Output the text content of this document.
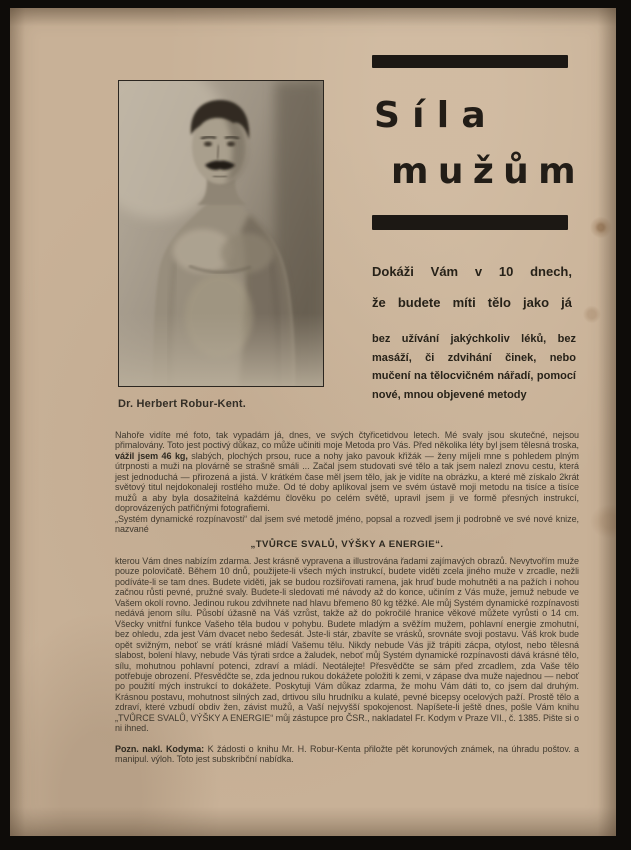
Dr. Herbert Robur-Kent.
Síla
mužům
Dokáži Vám v 10 dnech,
že budete míti tělo jako já
bez užívání jakýchkoliv léků, bez masáží, či zdvihání činek, nebo mučení na tělocvičném nářadí, pomocí nové, mnou objevené metody
Nahoře vidíte mé foto, tak vypadám já, dnes, ve svých čtyřicetidvou letech. Mé svaly jsou skutečné, nejsou přimalovány. Toto jest poctivý důkaz, co může učiniti moje Metoda pro Vás. Před několika léty byl jsem tělesná troska, vážil jsem 46 kg, slabých, plochých prsou, ruce a nohy jako pavouk křižák — ženy míjeli mne s pohledem plným útrpnosti a muži na plovárně se strašně smáli ... Začal jsem studovati své tělo a tak jsem nalezl znovu cestu, která jest jednoduchá — přirozená a jistá. V krátkém čase měl jsem tělo, jak je vidíte na obrázku, a které mě získalo 2krát světový titul nejdokonaleji rostlého muže. Od té doby aplikoval jsem ve svém ústavě moji metodu na tisíce a tisíce mužů a aby byla dosažitelná každému člověku po celém světě, upravil jsem ji ve formě přesných instrukcí, doprovázených patřičnými fotografiemi.
„Systém dynamické rozpínavosti“ dal jsem své metodě jméno, popsal a rozvedl jsem ji podrobně ve své nové knize, nazvané
„TVŮRCE SVALŮ, VÝŠKY A ENERGIE“.
kterou Vám dnes nabízím zdarma. Jest krásně vypravena a illustrována řadami zajímavých obrazů. Nevytvořím muže pouze polovičatě. Během 10 dnů, použijete-li všech mých instrukcí, budete viděti zcela jiného muže v zrcadle, nežli podíváte-li se tam dnes. Budete viděti, jak se budou rozšiřovati ramena, jak hruď bude mohutněti a na pažích i nohou začnou růsti pevné, pružné svaly. Budete-li sledovati mé návody až do konce, učiním z Vás muže, jemuž nebude ve Vašem okolí rovno. Jedinou rukou zdvihnete nad hlavu břemeno 80 kg těžké. Ale můj Systém dynamické rozpínavosti nedává jenom sílu. Působí úžasně na Váš vzrůst, takže až do pokročilé hranice věkové můžete vyrůsti o 14 cm. Všecky vnitřní funkce Vašeho těla budou v pohybu. Budete mladým a svěžím mužem, pohlavní energie zmohutní, bez ohledu, zda jest Vám dvacet nebo šedesát. Jste-li stár, zbavíte se vrásků, srovnáte svoji postavu. Váš krok bude opět svižným, neboť se vrátí krásné mládí Vašemu tělu. Nikdy nebude Vás již trápiti zácpa, otylost, nebo tělesná slabost, bolení hlavy, nebude Vás týrati srdce a žaludek, neboť můj Systém dynamické rozpínavosti dává krásné tělo, sílu, mohutnou pohlavní potenci, zdraví a mládí. Neotálejte! Přesvědčte se sám před zrcadlem, zda Vaše tělo potřebuje obrození. Přesvědčte se, zda jednou rukou dokážete položiti k zemi, v zápase dva muže najednou — neboť po použití mých instrukcí to dokážete. Poskytuji Vám důkaz zdarma, že mohu Vám dáti to, co jsem dal druhým. Krásnou postavu, mohutnost silných zad, drtivou sílu hrudníku a kulaté, pevné bicepsy ocelových paží. Prostě tělo a zdraví, které vzbudí obdiv žen, závist mužů, a Vaší nejvyšší spokojenost. Napíšete-li ještě dnes, pošle Vám knihu „TVŮRCE SVALŮ, VÝŠKY A ENERGIE“ můj zástupce pro ČSR., nakladatel Fr. Kodym v Praze VII., č. 1385. Pište si o ni ihned.
Pozn. nakl. Kodyma: K žádosti o knihu Mr. H. Robur-Kenta přiložte pět korunových známek, na úhradu poštov. a manipul. výloh. Toto jest subskribční nabídka.
